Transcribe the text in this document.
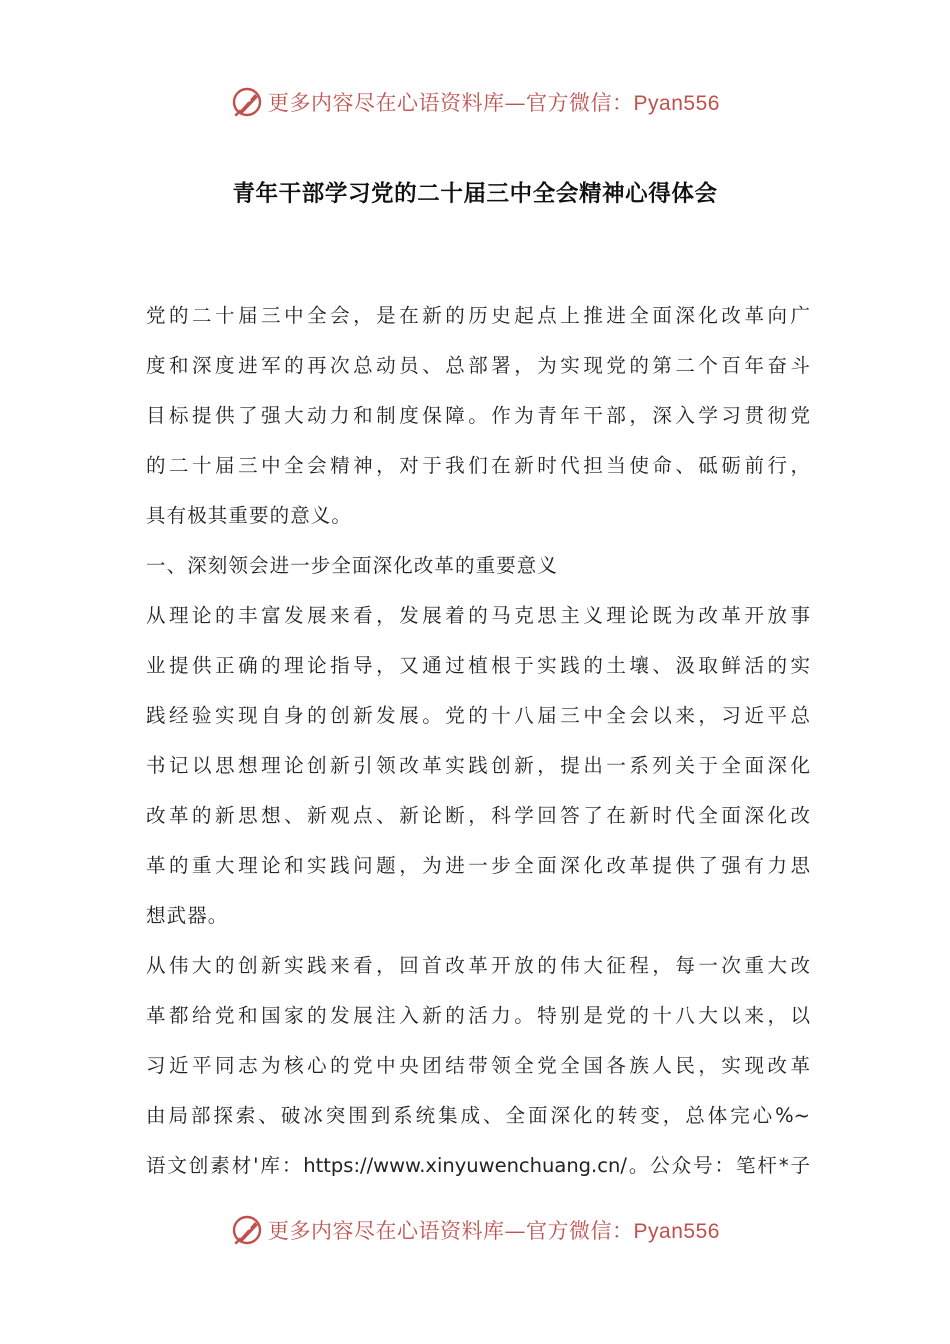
更多内容尽在心语资料库—官方微信：Pyan556
青年干部学习党的二十届三中全会精神心得体会
党的二十届三中全会，是在新的历史起点上推进全面深化改革向广
度和深度进军的再次总动员、总部署，为实现党的第二个百年奋斗
目标提供了强大动力和制度保障。作为青年干部，深入学习贯彻党
的二十届三中全会精神，对于我们在新时代担当使命、砥砺前行，
具有极其重要的意义。
一、深刻领会进一步全面深化改革的重要意义
从理论的丰富发展来看，发展着的马克思主义理论既为改革开放事
业提供正确的理论指导，又通过植根于实践的土壤、汲取鲜活的实
践经验实现自身的创新发展。党的十八届三中全会以来，习近平总
书记以思想理论创新引领改革实践创新，提出一系列关于全面深化
改革的新思想、新观点、新论断，科学回答了在新时代全面深化改
革的重大理论和实践问题，为进一步全面深化改革提供了强有力思
想武器。
从伟大的创新实践来看，回首改革开放的伟大征程，每一次重大改
革都给党和国家的发展注入新的活力。特别是党的十八大以来，以
习近平同志为核心的党中央团结带领全党全国各族人民，实现改革
由局部探索、破冰突围到系统集成、全面深化的转变，总体完心%~
语文创素材'库：https://www.xinyuwenchuang.cn/。公众号：笔杆*子
更多内容尽在心语资料库—官方微信：Pyan556
